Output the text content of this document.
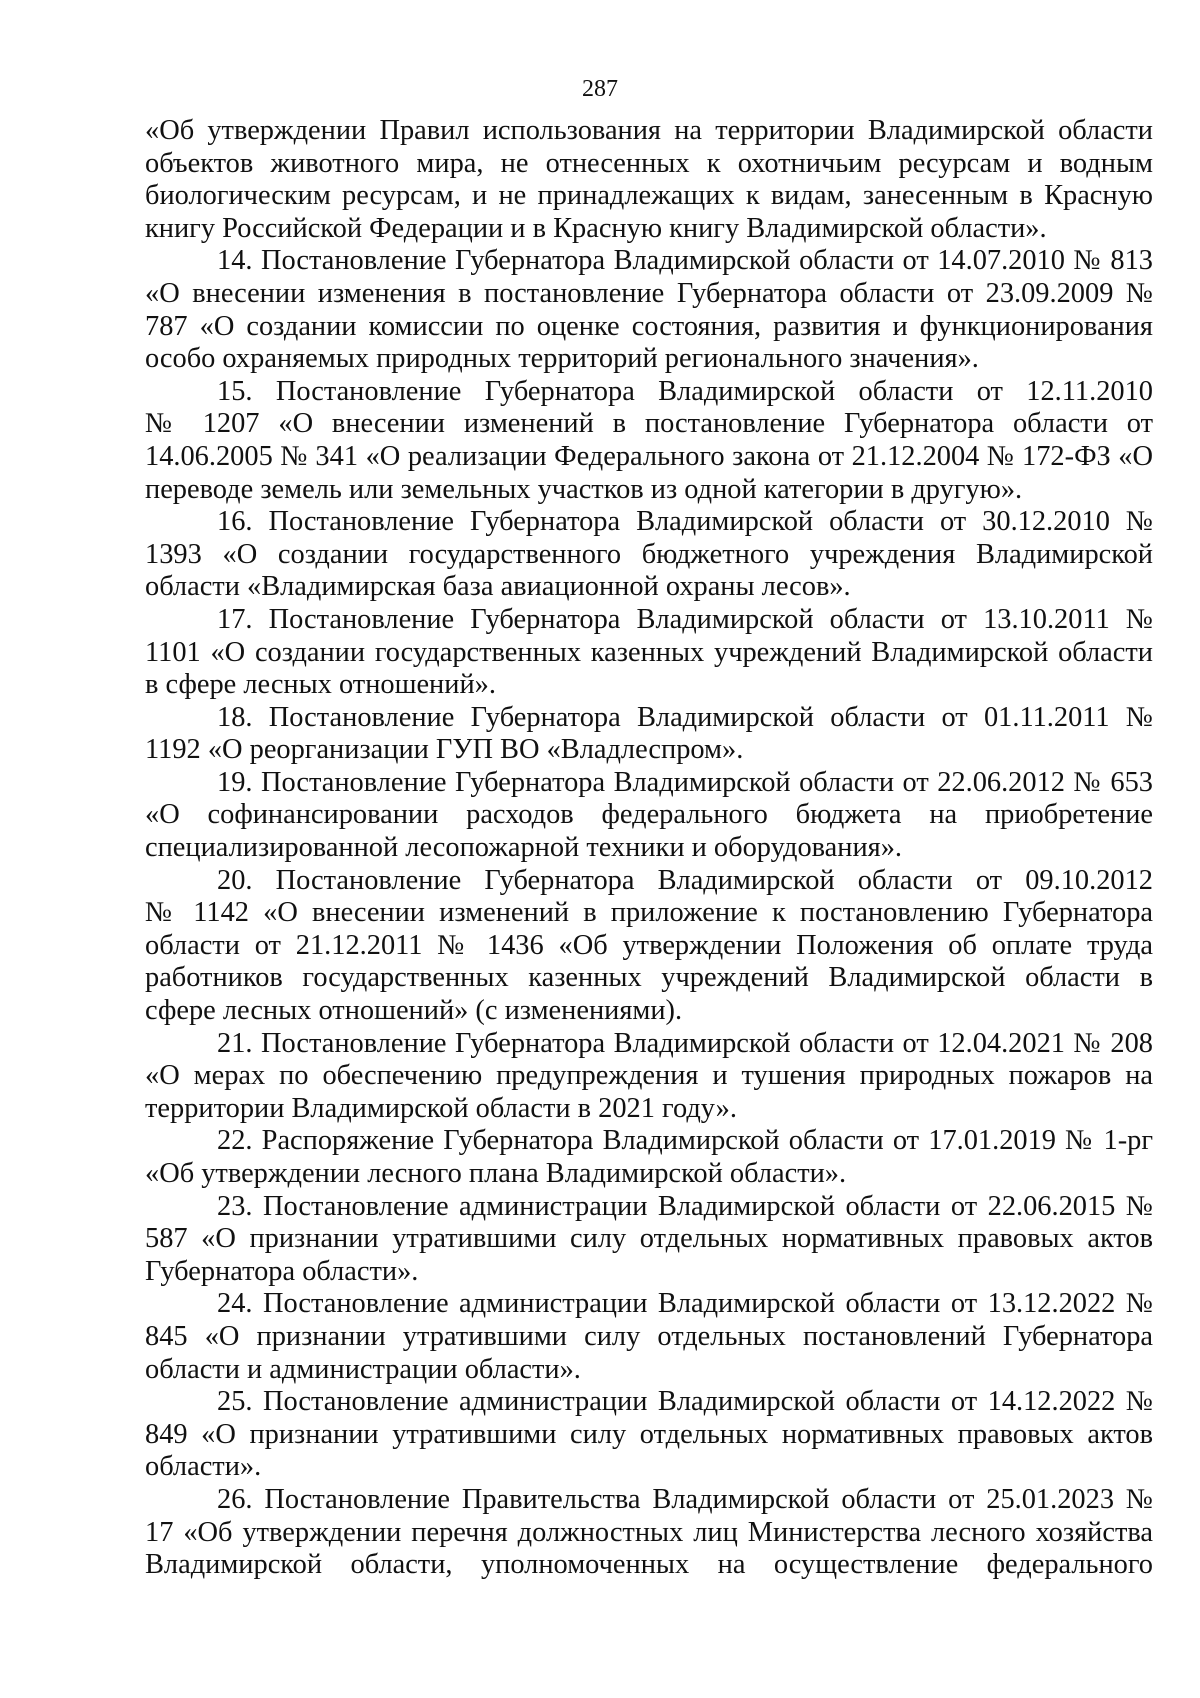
287
«Об утверждении Правил использования на территории Владимирской области
объектов животного мира, не отнесенных к охотничьим ресурсам и водным
биологическим ресурсам, и не принадлежащих к видам, занесенным в Красную
книгу Российской Федерации и в Красную книгу Владимирской области».
14. Постановление Губернатора Владимирской области от 14.07.2010 № 813
«О внесении изменения в постановление Губернатора области от 23.09.2009 №
787 «О создании комиссии по оценке состояния, развития и функционирования
особо охраняемых природных территорий регионального значения».
15. Постановление Губернатора Владимирской области от 12.11.2010
№ 1207 «О внесении изменений в постановление Губернатора области от
14.06.2005 № 341 «О реализации Федерального закона от 21.12.2004 № 172-ФЗ «О
переводе земель или земельных участков из одной категории в другую».
16. Постановление Губернатора Владимирской области от 30.12.2010 №
1393 «О создании государственного бюджетного учреждения Владимирской
области «Владимирская база авиационной охраны лесов».
17. Постановление Губернатора Владимирской области от 13.10.2011 №
1101 «О создании государственных казенных учреждений Владимирской области
в сфере лесных отношений».
18. Постановление Губернатора Владимирской области от 01.11.2011 №
1192 «О реорганизации ГУП ВО «Владлеспром».
19. Постановление Губернатора Владимирской области от 22.06.2012 № 653
«О софинансировании расходов федерального бюджета на приобретение
специализированной лесопожарной техники и оборудования».
20. Постановление Губернатора Владимирской области от 09.10.2012
№ 1142 «О внесении изменений в приложение к постановлению Губернатора
области от 21.12.2011 № 1436 «Об утверждении Положения об оплате труда
работников государственных казенных учреждений Владимирской области в
сфере лесных отношений» (с изменениями).
21. Постановление Губернатора Владимирской области от 12.04.2021 № 208
«О мерах по обеспечению предупреждения и тушения природных пожаров на
территории Владимирской области в 2021 году».
22. Распоряжение Губернатора Владимирской области от 17.01.2019 № 1-рг
«Об утверждении лесного плана Владимирской области».
23. Постановление администрации Владимирской области от 22.06.2015 №
587 «О признании утратившими силу отдельных нормативных правовых актов
Губернатора области».
24. Постановление администрации Владимирской области от 13.12.2022 №
845 «О признании утратившими силу отдельных постановлений Губернатора
области и администрации области».
25. Постановление администрации Владимирской области от 14.12.2022 №
849 «О признании утратившими силу отдельных нормативных правовых актов
области».
26. Постановление Правительства Владимирской области от 25.01.2023 №
17 «Об утверждении перечня должностных лиц Министерства лесного хозяйства
Владимирской области, уполномоченных на осуществление федерального
